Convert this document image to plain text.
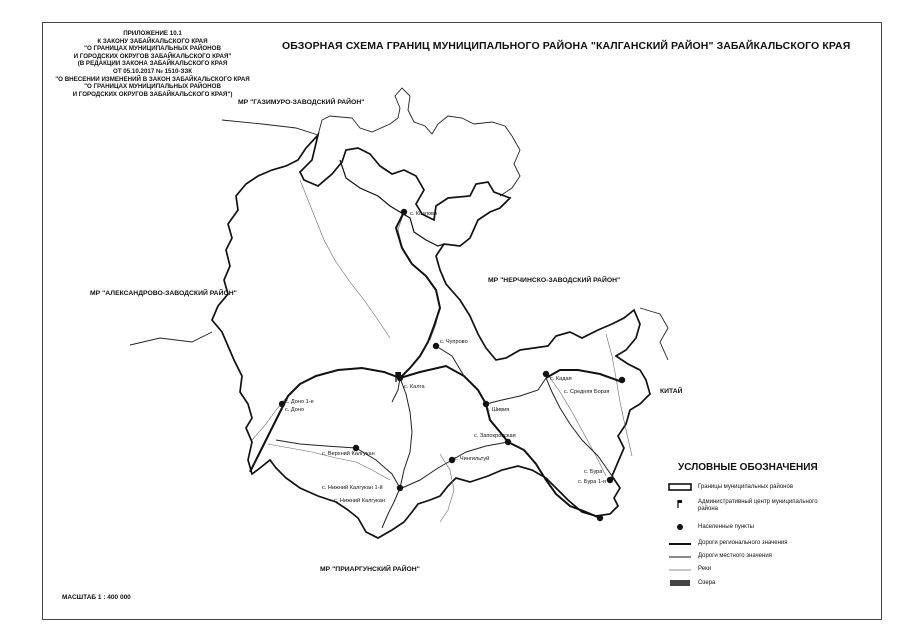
ПРИЛОЖЕНИЕ 10.1
К ЗАКОНУ ЗАБАЙКАЛЬСКОГО КРАЯ
"О ГРАНИЦАХ МУНИЦИПАЛЬНЫХ РАЙОНОВ
И ГОРОДСКИХ ОКРУГОВ ЗАБАЙКАЛЬСКОГО КРАЯ"
(В РЕДАКЦИИ ЗАКОНА ЗАБАЙКАЛЬСКОГО КРАЯ
ОТ 05.10.2017 № 1510-ЗЗК
"О ВНЕСЕНИИ ИЗМЕНЕНИЙ В ЗАКОН ЗАБАЙКАЛЬСКОГО КРАЯ
"О ГРАНИЦАХ МУНИЦИПАЛЬНЫХ РАЙОНОВ
И ГОРОДСКИХ ОКРУГОВ ЗАБАЙКАЛЬСКОГО КРАЯ")
ОБЗОРНАЯ СХЕМА ГРАНИЦ МУНИЦИПАЛЬНОГО РАЙОНА "КАЛГАНСКИЙ РАЙОН" ЗАБАЙКАЛЬСКОГО КРАЯ
МР "ГАЗИМУРО-ЗАВОДСКИЙ РАЙОН"
МР "АЛЕКСАНДРОВО-ЗАВОДСКИЙ РАЙОН"
МР "НЕРЧИНСКО-ЗАВОДСКИЙ РАЙОН"
КИТАЙ
МР "ПРИАРГУНСКИЙ РАЙОН"
с. Козлово
с. Чупрово
с. Калга
с. Доно 1-е
с. Доно	с. Шивия
с. Кадая
с. Средняя Борзя
с. Верхний Калгукан
с. Запокровская
с. Чингильтуй
с. Нижний Калгукан 1-й
с. Нижний Калгукан
с. Бура
с. Бура 1-я
УСЛОВНЫЕ ОБОЗНАЧЕНИЯ
Границы муниципальных районов
Административный центр муниципального района
Населенные пункты
Дороги регионального значения
Дороги местного значения
Реки
Озера
МАСШТАБ 1 : 400 000
